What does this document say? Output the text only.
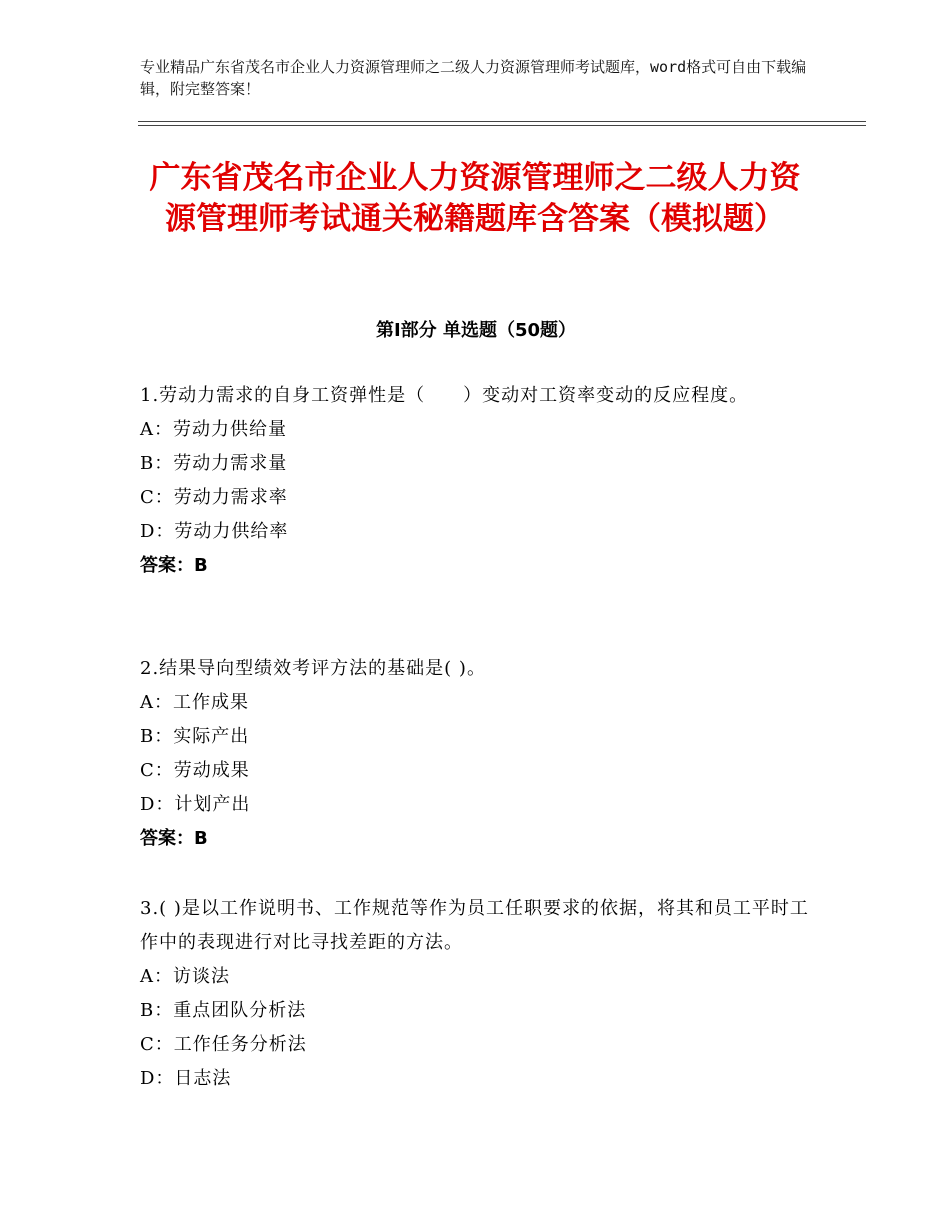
专业精品广东省茂名市企业人力资源管理师之二级人力资源管理师考试题库，word格式可自由下载编辑，附完整答案！
广东省茂名市企业人力资源管理师之二级人力资源管理师考试通关秘籍题库含答案（模拟题）
第Ⅰ部分 单选题（50题）
1.劳动力需求的自身工资弹性是（　　）变动对工资率变动的反应程度。
A：劳动力供给量
B：劳动力需求量
C：劳动力需求率
D：劳动力供给率
答案：B
2.结果导向型绩效考评方法的基础是( )。
A：工作成果
B：实际产出
C：劳动成果
D：计划产出
答案：B
3.( )是以工作说明书、工作规范等作为员工任职要求的依据，将其和员工平时工作中的表现进行对比寻找差距的方法。
A：访谈法
B：重点团队分析法
C：工作任务分析法
D：日志法
